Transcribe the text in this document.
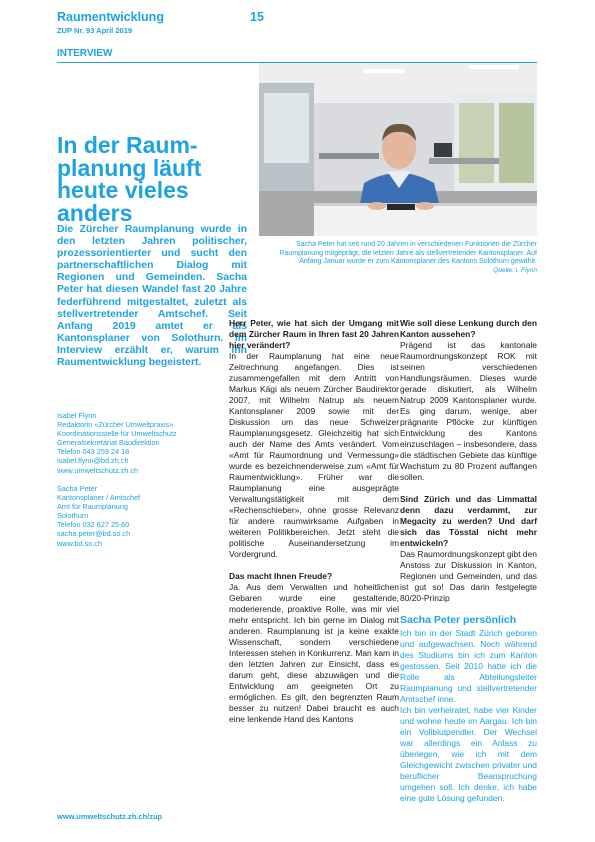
Raumentwicklung
ZUP Nr. 93 April 2019
15
INTERVIEW
In der Raumplanung läuft heute vieles anders
Die Zürcher Raumplanung wurde in den letzten Jahren politischer, prozessorientierter und sucht den partnerschaftlichen Dialog mit Regionen und Gemeinden. Sacha Peter hat diesen Wandel fast 20 Jahre federführend mitgestaltet, zuletzt als stellvertretender Amtschef. Seit Anfang 2019 amtet er als Kantonsplaner von Solothurn. Im Interview erzählt er, warum ihn Raumentwicklung begeistert.
Isabel Flynn
Redaktorin «Zürcher Umweltpraxis»
Koordinationsstelle für Umweltschutz
Generalsekretariat Baudirektion
Telefon 043 259 24 18
isabel.flynn@bd.zh.ch
www.umweltschutz.zh.ch
Sacha Peter
Kantonsplaner / Amtschef
Amt für Raumplanung
Solothurn
Telefon 032 627 25 60
sacha.peter@bd.so.ch
www.bd.so.ch
Sacha Peter hat seit rund 20 Jahren in verschiedenen Funktionen die Zürcher Raumplanung mitgeprägt, die letzten Jahre als stellvertretender Kantonsplaner. Auf Anfang Januar wurde er zum Kantonsplaner des Kantons Solothurn gewählt.
Quelle: I. Flynn
Herr Peter, wie hat sich der Umgang mit dem Zürcher Raum in Ihren fast 20 Jahren hier verändert?
In der Raumplanung hat eine neue Zeitrechnung angefangen. Dies ist zusammengefallen mit dem Antritt von Markus Kägi als neuem Zürcher Baudirektor 2007, mit Wilhelm Natrup als neuem Kantonsplaner 2009 sowie mit der Diskussion um das neue Schweizer Raumplanungsgesetz. Gleichzeitig hat sich auch der Name des Amts verändert. Vom «Amt für Raumordnung und Vermessung» wurde es bezeichnenderweise zum «Amt für Raumentwicklung». Früher war die Raumplanung eine ausgeprägte Verwaltungstätigkeit mit dem «Rechenschieber», ohne grosse Relevanz für andere raumwirksame Aufgaben in weiteren Politikbereichen. Jetzt steht die politische Auseinandersetzung im Vordergrund.
Das macht Ihnen Freude?
Ja. Aus dem Verwalten und hoheitlichen Gebaren wurde eine gestaltende, moderierende, proaktive Rolle, was mir viel mehr entspricht. Ich bin gerne im Dialog mit anderen. Raumplanung ist ja keine exakte Wissenschaft, sondern verschiedene Interessen stehen in Konkurrenz. Man kam in den letzten Jahren zur Einsicht, dass es darum geht, diese abzuwägen und die Entwicklung am geeigneten Ort zu ermöglichen. Es gilt, den begrenzten Raum besser zu nutzen! Dabei braucht es auch eine lenkende Hand des Kantons
Wie soll diese Lenkung durch den Kanton aussehen?
Prägend ist das kantonale Raumordnungskonzept ROK mit seinen verschiedenen Handlungsräumen. Dieses wurde gerade diskutiert, als Wilhelm Natrup 2009 Kantonsplaner wurde. Es ging darum, wenige, aber prägnante Pflöcke zur künftigen Entwicklung des Kantons einzuschlagen – insbesondere, dass die städtischen Gebiete das künftige Wachstum zu 80 Prozent auffangen sollen.
Sind Zürich und das Limmattal denn dazu verdammt, zur Megacity zu werden? Und darf sich das Tösstal nicht mehr entwickeln?
Das Raumordnungskonzept gibt den Anstoss zur Diskussion in Kanton, Regionen und Gemeinden, und das ist gut so! Das darin festgelegte 80/20-Prinzip
Sacha Peter persönlich
Ich bin in der Stadt Zürich geboren und aufgewachsen. Noch während des Studiums bin ich zum Kanton gestossen. Seit 2010 hatte ich die Rolle als Abteilungsleiter Raumplanung und stellvertretender Amtschef inne.
Ich bin verheiratet, habe vier Kinder und wohne heute im Aargau. Ich bin ein Vollblutpendler. Der Wechsel war allerdings ein Anlass zu überlegen, wie ich mit dem Gleichgewicht zwischen privater und beruflicher Beanspruchung umgehen soll. Ich denke, ich habe eine gute Lösung gefunden.
www.umweltschutz.zh.ch/zup
